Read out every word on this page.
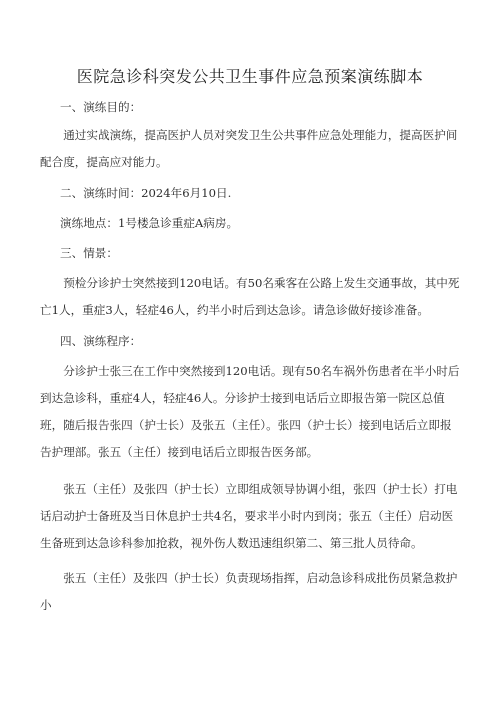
医院急诊科突发公共卫生事件应急预案演练脚本
一、演练目的：
通过实战演练，提高医护人员对突发卫生公共事件应急处理能力，提高医护间配合度，提高应对能力。
二、演练时间：2024年6月10日.
演练地点：1号楼急诊重症A病房。
三、情景：
预检分诊护士突然接到120电话。有50名乘客在公路上发生交通事故，其中死亡1人，重症3人，轻症46人，约半小时后到达急诊。请急诊做好接诊准备。
四、演练程序：
分诊护士张三在工作中突然接到120电话。现有50名车祸外伤患者在半小时后到达急诊科，重症4人，轻症46人。分诊护士接到电话后立即报告第一院区总值班，随后报告张四（护士长）及张五（主任）。张四（护士长）接到电话后立即报告护理部。张五（主任）接到电话后立即报告医务部。
张五（主任）及张四（护士长）立即组成领导协调小组，张四（护士长）打电话启动护士备班及当日休息护士共4名，要求半小时内到岗；张五（主任）启动医生备班到达急诊科参加抢救，视外伤人数迅速组织第二、第三批人员待命。
张五（主任）及张四（护士长）负责现场指挥，启动急诊科成批伤员紧急救护小
